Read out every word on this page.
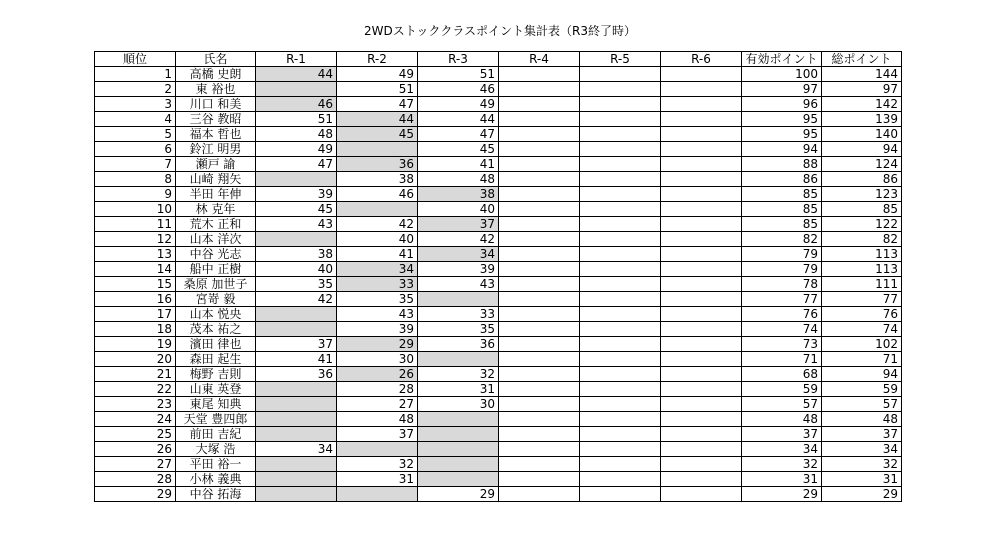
2WDストッククラスポイント集計表（R3終了時）
順位	氏名	R-1	R-2	R-3	R-4	R-5	R-6	有効ポイント	総ポイント
1	高橋 史朗	44	49	51				100	144
2	東 裕也		51	46				97	97
3	川口 和美	46	47	49				96	142
4	三谷 教昭	51	44	44				95	139
5	福本 哲也	48	45	47				95	140
6	鈴江 明男	49		45				94	94
7	瀬戸 諭	47	36	41				88	124
8	山崎 翔矢		38	48				86	86
9	半田 年伸	39	46	38				85	123
10	林 克年	45		40				85	85
11	荒木 正和	43	42	37				85	122
12	山本 洋次		40	42				82	82
13	中谷 光志	38	41	34				79	113
14	船中 正樹	40	34	39				79	113
15	桑原 加世子	35	33	43				78	111
16	宮嵜 毅	42	35					77	77
17	山本 悦央		43	33				76	76
18	茂本 祐之		39	35				74	74
19	濱田 律也	37	29	36				73	102
20	森田 起生	41	30					71	71
21	梅野 吉則	36	26	32				68	94
22	山東 英登		28	31				59	59
23	東尾 知典		27	30				57	57
24	天堂 豊四郎		48					48	48
25	前田 吉紀		37					37	37
26	大塚 浩	34						34	34
27	平田 裕一		32					32	32
28	小林 義典		31					31	31
29	中谷 拓海			29				29	29
